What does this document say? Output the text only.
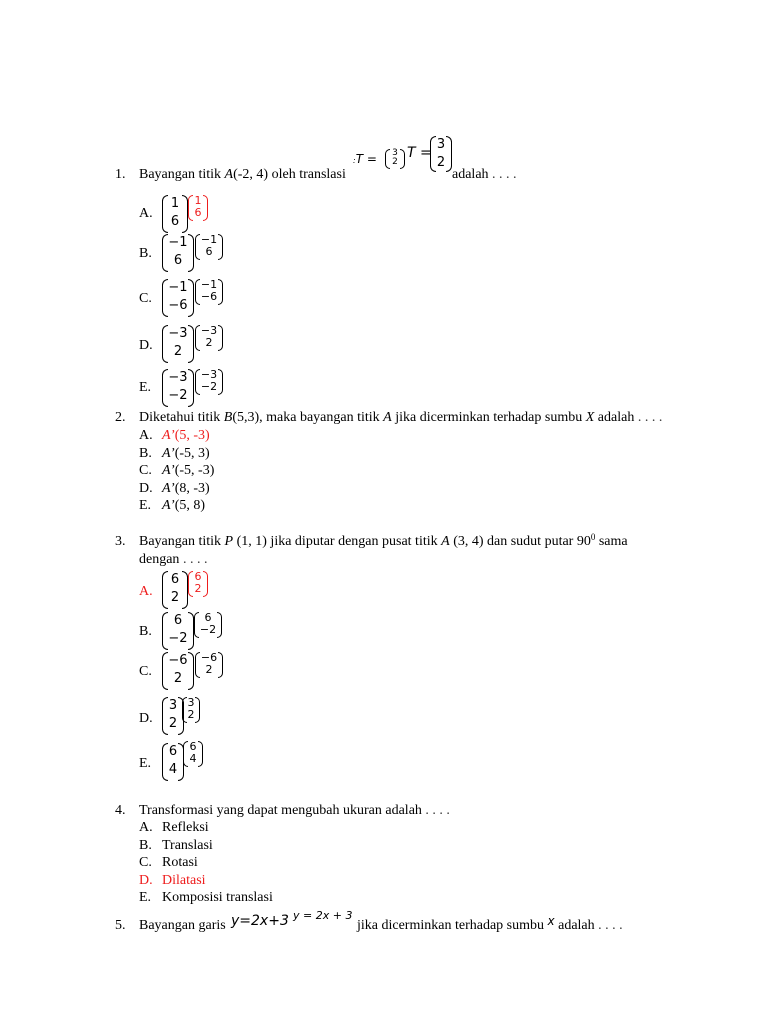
:T = 3
2
T =
3
2
1. Bayangan titik A(-2, 4) oleh translasi	adalah . . . .
A.
1
6
1
6
B.
−1
6
−1
6
C.
−1
−6
−1
−6
D.
−3
2
−3
2
E.
−3
−2
−3
−2
2. Diketahui titik B(5,3), maka bayangan titik A jika dicerminkan terhadap sumbu X adalah . . . .
A. A’(5, -3)
B. A’(-5, 3)
C. A’(-5, -3)
D. A’(8, -3)
E. A’(5, 8)
3. Bayangan titik P (1, 1) jika diputar dengan pusat titik A (3, 4) dan sudut putar $90^0$ sama
dengan . . . .
A.
6
2
6
2
B.
6
−2
6
−2
C.
−6
2
−6
2
D.
3
2
3
2
E.
6
4
6
4
4. Transformasi yang dapat mengubah ukuran adalah . . . .
A. Refleksi
B. Translasi
C. Rotasi
D. Dilatasi
E. Komposisi translasi
5. Bayangan garis y=2x+3 y = 2x + 3
jika dicerminkan terhadap sumbu x adalah . . . .
